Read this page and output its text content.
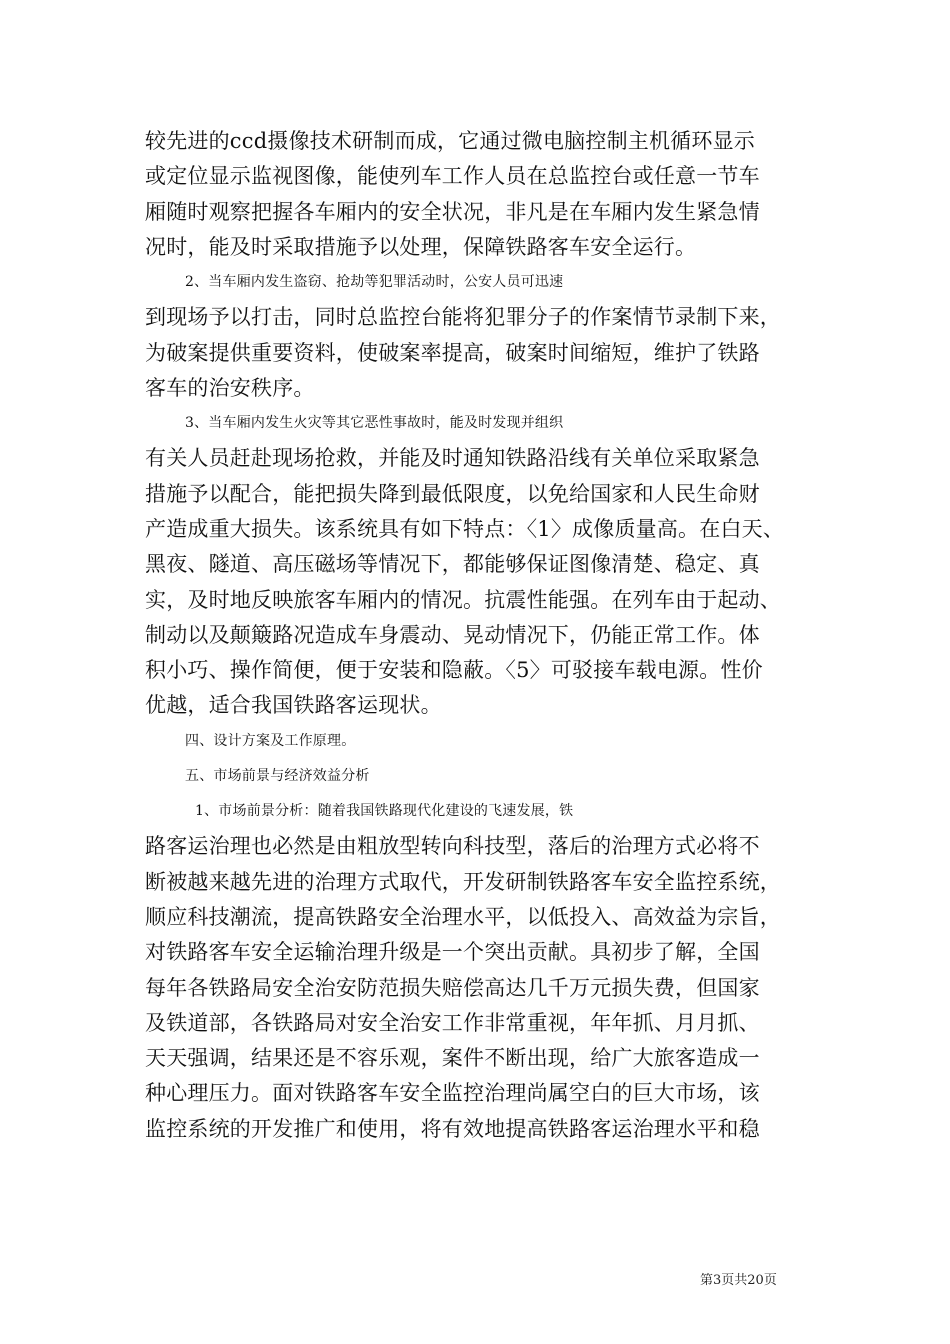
较先进的ccd摄像技术研制而成，它通过微电脑控制主机循环显示
或定位显示监视图像，能使列车工作人员在总监控台或任意一节车
厢随时观察把握各车厢内的安全状况，非凡是在车厢内发生紧急情
况时，能及时采取措施予以处理，保障铁路客车安全运行。
2、当车厢内发生盗窃、抢劫等犯罪活动时，公安人员可迅速
到现场予以打击，同时总监控台能将犯罪分子的作案情节录制下来，
为破案提供重要资料，使破案率提高，破案时间缩短，维护了铁路
客车的治安秩序。
3、当车厢内发生火灾等其它恶性事故时，能及时发现并组织
有关人员赶赴现场抢救，并能及时通知铁路沿线有关单位采取紧急
措施予以配合，能把损失降到最低限度，以免给国家和人民生命财
产造成重大损失。该系统具有如下特点：〈1〉成像质量高。在白天、
黑夜、隧道、高压磁场等情况下，都能够保证图像清楚、稳定、真
实，及时地反映旅客车厢内的情况。抗震性能强。在列车由于起动、
制动以及颠簸路况造成车身震动、晃动情况下，仍能正常工作。体
积小巧、操作简便，便于安装和隐蔽。〈5〉可驳接车载电源。性价
优越，适合我国铁路客运现状。
四、设计方案及工作原理。
五、市场前景与经济效益分析
1、市场前景分析：随着我国铁路现代化建设的飞速发展，铁
路客运治理也必然是由粗放型转向科技型，落后的治理方式必将不
断被越来越先进的治理方式取代，开发研制铁路客车安全监控系统，
顺应科技潮流，提高铁路安全治理水平，以低投入、高效益为宗旨，
对铁路客车安全运输治理升级是一个突出贡献。具初步了解，全国
每年各铁路局安全治安防范损失赔偿高达几千万元损失费，但国家
及铁道部，各铁路局对安全治安工作非常重视，年年抓、月月抓、
天天强调，结果还是不容乐观，案件不断出现，给广大旅客造成一
种心理压力。面对铁路客车安全监控治理尚属空白的巨大市场，该
监控系统的开发推广和使用，将有效地提高铁路客运治理水平和稳
第3页共20页
